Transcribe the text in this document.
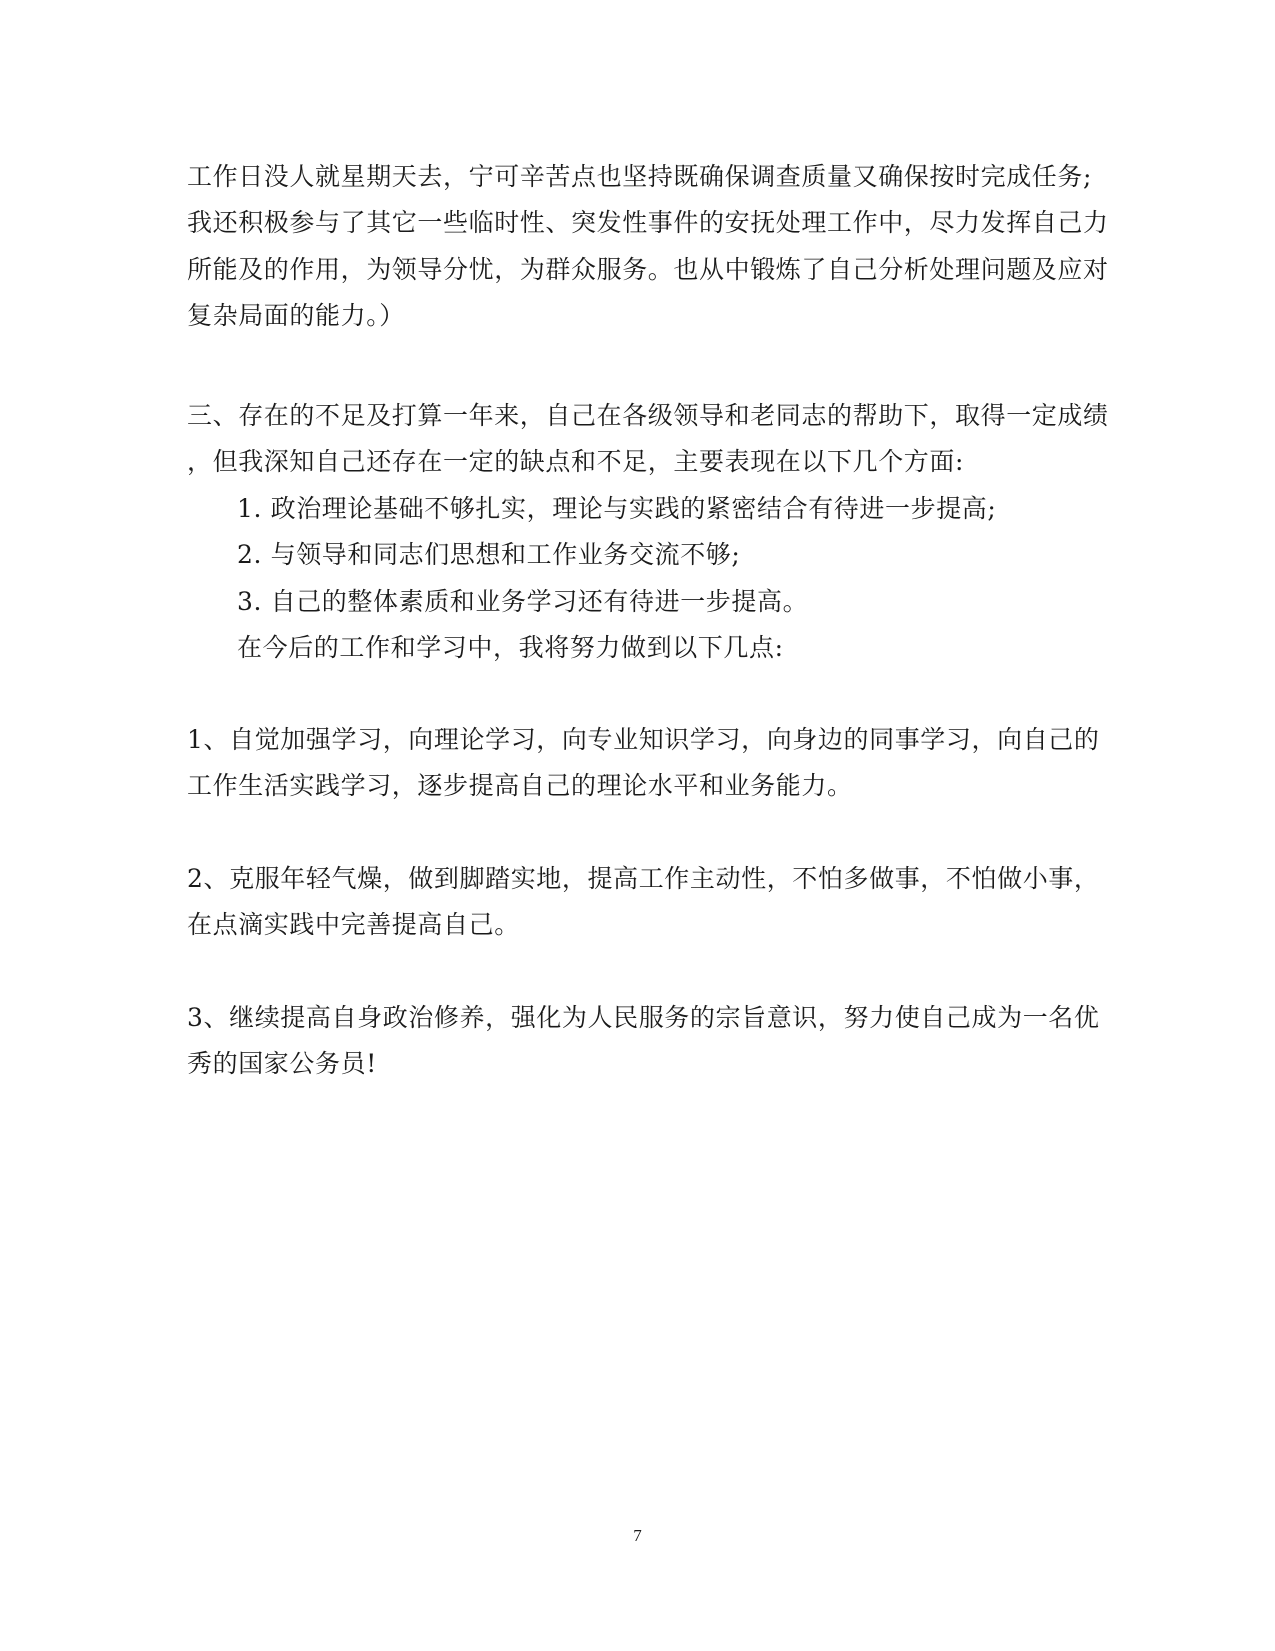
工作日没人就星期天去，宁可辛苦点也坚持既确保调查质量又确保按时完成任务;
我还积极参与了其它一些临时性、突发性事件的安抚处理工作中，尽力发挥自己力
所能及的作用，为领导分忧，为群众服务。也从中锻炼了自己分析处理问题及应对
复杂局面的能力。）
三、存在的不足及打算一年来，自己在各级领导和老同志的帮助下，取得一定成绩
，但我深知自己还存在一定的缺点和不足，主要表现在以下几个方面:
1. 政治理论基础不够扎实，理论与实践的紧密结合有待进一步提高;
2. 与领导和同志们思想和工作业务交流不够;
3. 自己的整体素质和业务学习还有待进一步提高。
在今后的工作和学习中，我将努力做到以下几点:
1、自觉加强学习，向理论学习，向专业知识学习，向身边的同事学习，向自己的
工作生活实践学习，逐步提高自己的理论水平和业务能力。
2、克服年轻气燥，做到脚踏实地，提高工作主动性，不怕多做事，不怕做小事，
在点滴实践中完善提高自己。
3、继续提高自身政治修养，强化为人民服务的宗旨意识，努力使自己成为一名优
秀的国家公务员!
7
